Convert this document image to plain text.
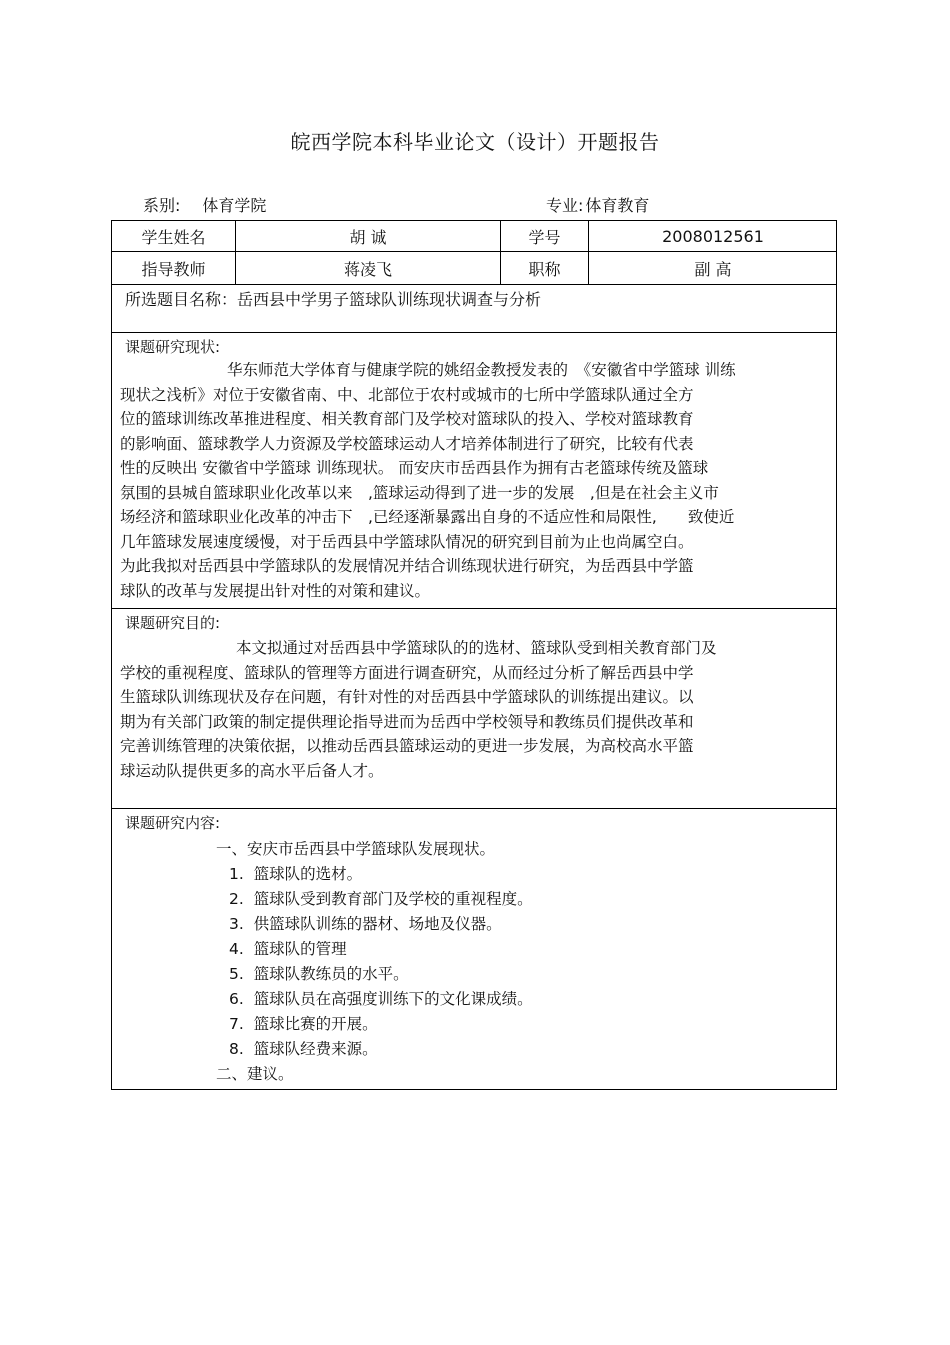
皖西学院本科毕业论文（设计）开题报告
系别: 体育学院	专业: 体育教育
学生姓名	胡 诚	学号	2008012561
指导教师	蒋凌飞	职称	副 高
所选题目名称：岳西县中学男子篮球队训练现状调查与分析
课题研究现状:
华东师范大学体育与健康学院的姚绍金教授发表的　《安徽省中学篮球 训练
现状之浅析》对位于安徽省南、中、北部位于农村或城市的七所中学篮球队通过全方
位的篮球训练改革推进程度、相关教育部门及学校对篮球队的投入、学校对篮球教育
的影响面、篮球教学人力资源及学校篮球运动人才培养体制进行了研究，比较有代表
性的反映出 安徽省中学篮球 训练现状。 而安庆市岳西县作为拥有古老篮球传统及篮球
氛围的县城自篮球职业化改革以来　,篮球运动得到了进一步的发展　,但是在社会主义市
场经济和篮球职业化改革的冲击下　,已经逐渐暴露出自身的不适应性和局限性,　　致使近
几年篮球发展速度缓慢，对于岳西县中学篮球队情况的研究到目前为止也尚属空白。
为此我拟对岳西县中学篮球队的发展情况并结合训练现状进行研究，为岳西县中学篮
球队的改革与发展提出针对性的对策和建议。
课题研究目的:
本文拟通过对岳西县中学篮球队的的选材、篮球队受到相关教育部门及
学校的重视程度、篮球队的管理等方面进行调查研究，从而经过分析了解岳西县中学
生篮球队训练现状及存在问题，有针对性的对岳西县中学篮球队的训练提出建议。以
期为有关部门政策的制定提供理论指导进而为岳西中学校领导和教练员们提供改革和
完善训练管理的决策依据，以推动岳西县篮球运动的更进一步发展，为高校高水平篮
球运动队提供更多的高水平后备人才。
课题研究内容:
一、安庆市岳西县中学篮球队发展现状。
1. 篮球队的选材。
2. 篮球队受到教育部门及学校的重视程度。
3. 供篮球队训练的器材、场地及仪器。
4. 篮球队的管理
5. 篮球队教练员的水平。
6. 篮球队员在高强度训练下的文化课成绩。
7. 篮球比赛的开展。
8. 篮球队经费来源。
二、建议。
